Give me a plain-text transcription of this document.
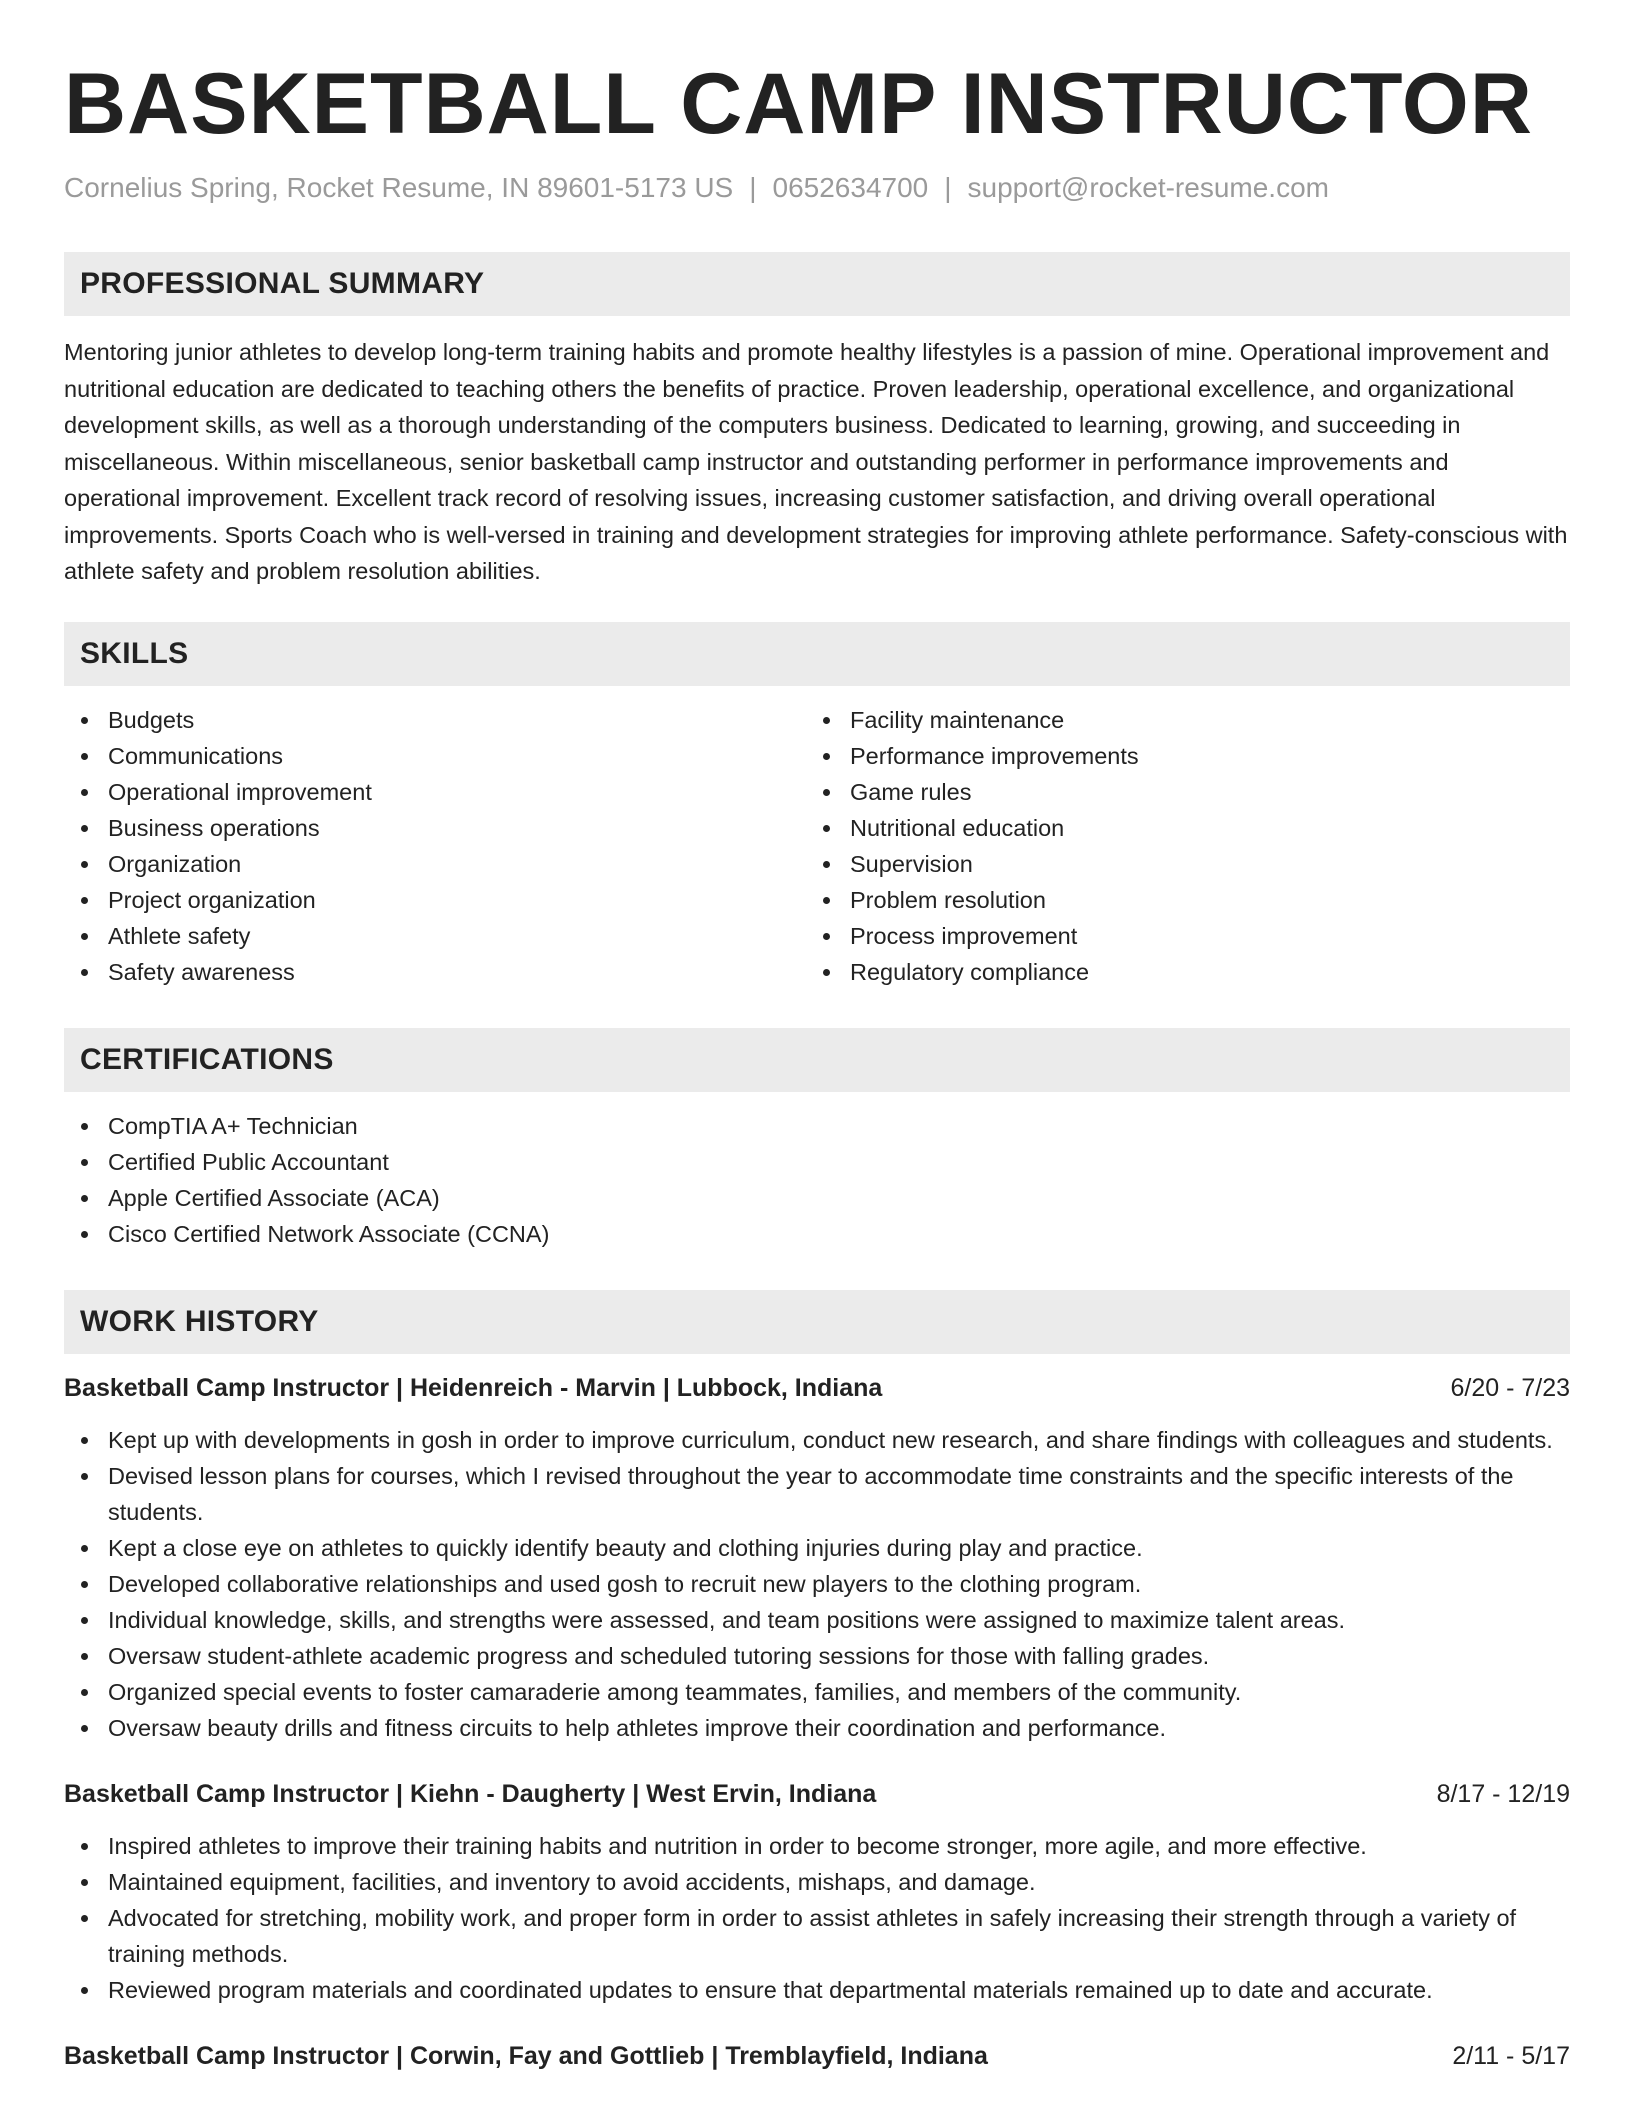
BASKETBALL CAMP INSTRUCTOR
Cornelius Spring, Rocket Resume, IN 89601-5173 US | 0652634700 | support@rocket-resume.com
PROFESSIONAL SUMMARY

Mentoring junior athletes to develop long-term training habits and promote healthy lifestyles is a passion of mine. Operational improvement and nutritional education are dedicated to teaching others the benefits of practice. Proven leadership, operational excellence, and organizational development skills, as well as a thorough understanding of the computers business. Dedicated to learning, growing, and succeeding in miscellaneous. Within miscellaneous, senior basketball camp instructor and outstanding performer in performance improvements and operational improvement. Excellent track record of resolving issues, increasing customer satisfaction, and driving overall operational improvements. Sports Coach who is well-versed in training and development strategies for improving athlete performance. Safety-conscious with athlete safety and problem resolution abilities.

SKILLS
Budgets
Communications
Operational improvement
Business operations
Organization
Project organization
Athlete safety
Safety awareness
Facility maintenance
Performance improvements
Game rules
Nutritional education
Supervision
Problem resolution
Process improvement
Regulatory compliance
CERTIFICATIONS
CompTIA A+ Technician
Certified Public Accountant
Apple Certified Associate (ACA)
Cisco Certified Network Associate (CCNA)
WORK HISTORY
Basketball Camp Instructor | Heidenreich - Marvin | Lubbock, Indiana	6/20 - 7/23
Kept up with developments in gosh in order to improve curriculum, conduct new research, and share findings with colleagues and students.
Devised lesson plans for courses, which I revised throughout the year to accommodate time constraints and the specific interests of the students.
Kept a close eye on athletes to quickly identify beauty and clothing injuries during play and practice.
Developed collaborative relationships and used gosh to recruit new players to the clothing program.
Individual knowledge, skills, and strengths were assessed, and team positions were assigned to maximize talent areas.
Oversaw student-athlete academic progress and scheduled tutoring sessions for those with falling grades.
Organized special events to foster camaraderie among teammates, families, and members of the community.
Oversaw beauty drills and fitness circuits to help athletes improve their coordination and performance.
Basketball Camp Instructor | Kiehn - Daugherty | West Ervin, Indiana	8/17 - 12/19
Inspired athletes to improve their training habits and nutrition in order to become stronger, more agile, and more effective.
Maintained equipment, facilities, and inventory to avoid accidents, mishaps, and damage.
Advocated for stretching, mobility work, and proper form in order to assist athletes in safely increasing their strength through a variety of training methods.
Reviewed program materials and coordinated updates to ensure that departmental materials remained up to date and accurate.
Basketball Camp Instructor | Corwin, Fay and Gottlieb | Tremblayfield, Indiana	2/11 - 5/17
